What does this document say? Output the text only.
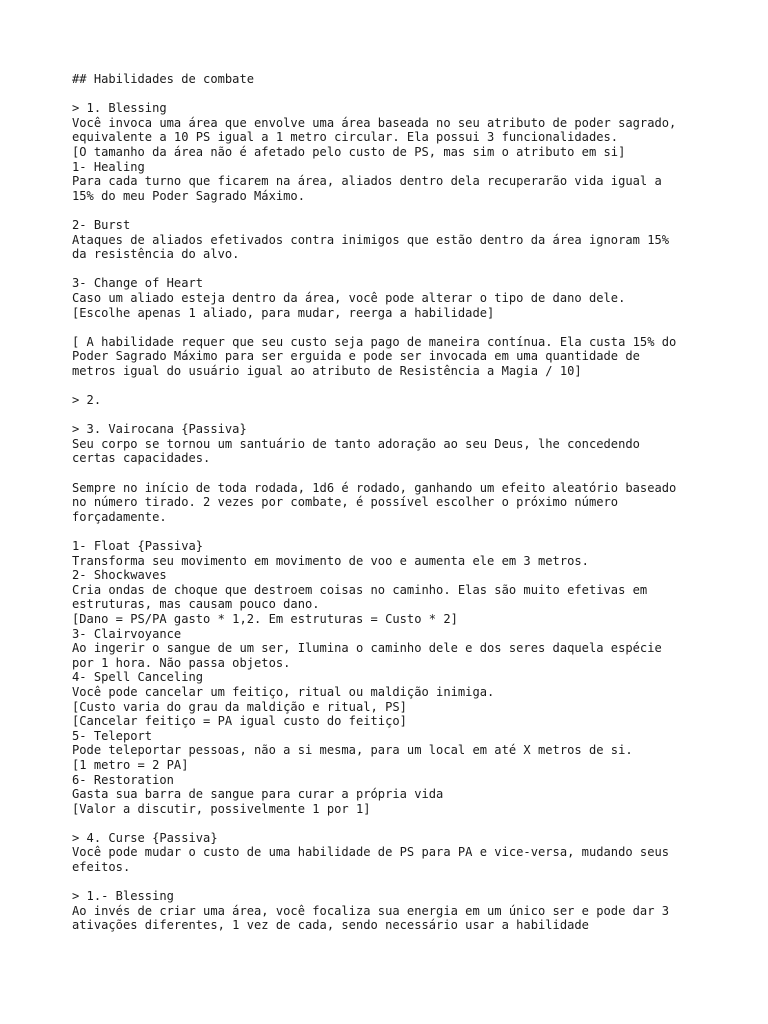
## Habilidades de combate
> 1. Blessing
Você invoca uma área que envolve uma área baseada no seu atributo de poder sagrado,
equivalente a 10 PS igual a 1 metro circular. Ela possui 3 funcionalidades.
[O tamanho da área não é afetado pelo custo de PS, mas sim o atributo em si]
1- Healing
Para cada turno que ficarem na área, aliados dentro dela recuperarão vida igual a
15% do meu Poder Sagrado Máximo.
2- Burst
Ataques de aliados efetivados contra inimigos que estão dentro da área ignoram 15%
da resistência do alvo.
3- Change of Heart
Caso um aliado esteja dentro da área, você pode alterar o tipo de dano dele.
[Escolhe apenas 1 aliado, para mudar, reerga a habilidade]
[ A habilidade requer que seu custo seja pago de maneira contínua. Ela custa 15% do
Poder Sagrado Máximo para ser erguida e pode ser invocada em uma quantidade de
metros igual do usuário igual ao atributo de Resistência a Magia / 10]
> 2.
> 3. Vairocana {Passiva}
Seu corpo se tornou um santuário de tanto adoração ao seu Deus, lhe concedendo
certas capacidades.
Sempre no início de toda rodada, 1d6 é rodado, ganhando um efeito aleatório baseado
no número tirado. 2 vezes por combate, é possível escolher o próximo número
forçadamente.
1- Float {Passiva}
Transforma seu movimento em movimento de voo e aumenta ele em 3 metros.
2- Shockwaves
Cria ondas de choque que destroem coisas no caminho. Elas são muito efetivas em
estruturas, mas causam pouco dano.
[Dano = PS/PA gasto * 1,2. Em estruturas = Custo * 2]
3- Clairvoyance
Ao ingerir o sangue de um ser, Ilumina o caminho dele e dos seres daquela espécie
por 1 hora. Não passa objetos.
4- Spell Canceling
Você pode cancelar um feitiço, ritual ou maldição inimiga.
[Custo varia do grau da maldição e ritual, PS]
[Cancelar feitiço = PA igual custo do feitiço]
5- Teleport
Pode teleportar pessoas, não a si mesma, para um local em até X metros de si.
[1 metro = 2 PA]
6- Restoration
Gasta sua barra de sangue para curar a própria vida
[Valor a discutir, possivelmente 1 por 1]
> 4. Curse {Passiva}
Você pode mudar o custo de uma habilidade de PS para PA e vice-versa, mudando seus
efeitos.
> 1.- Blessing
Ao invés de criar uma área, você focaliza sua energia em um único ser e pode dar 3
ativações diferentes, 1 vez de cada, sendo necessário usar a habilidade
